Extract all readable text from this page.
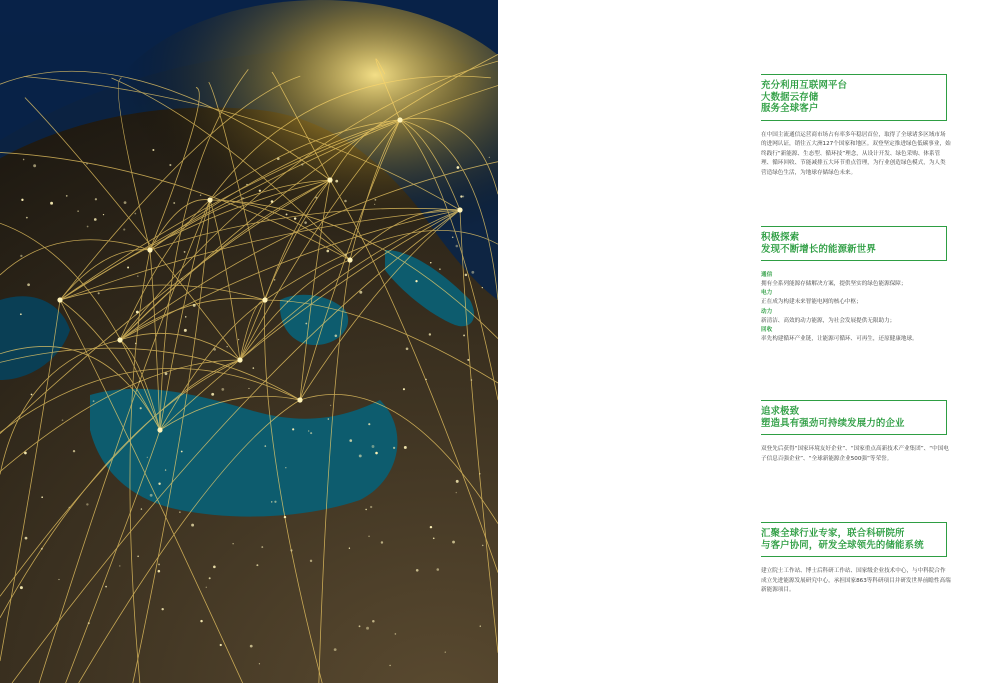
充分利用互联网平台
大数据云存储
服务全球客户
在中国主流通信运营商市场占有率多年稳居首位，取得了全球诸多区域市场的进网认证，销往五大洲127个国家和地区。双登坚定推进绿色低碳事业，始终践行“新能源、生态型、循环技”理念，从设计开发、绿色采购、体系管理、循环回收、节能减排五大环节重点管理，为行业创造绿色模式，为人类营造绿色生活，为地球存储绿色未来。
积极探索
发现不断增长的能源新世界
通信
拥有全系列能源存储解决方案，提供坚实的绿色能源保障；
电力
正在成为构建未来智能电网的核心中枢；
动力
新清洁、高效的动力能源，为社会发展提供无限助力；
回收
率先构建循环产业链，让能源可循环、可再生，还原健康地球。
追求极致
塑造具有强劲可持续发展力的企业
双登先后获得“国家环境友好企业”、“国家重点高新技术产业集团”、“中国电子信息百强企业”、“全球新能源企业500强”等荣誉。
汇聚全球行业专家，联合科研院所
与客户协同，研发全球领先的储能系统
建立院士工作站、博士后科研工作站、国家级企业技术中心，与中科院合作成立先进能源发展研究中心，承担国家863等科研项目并研发世界前瞻性高端新能源项目。
